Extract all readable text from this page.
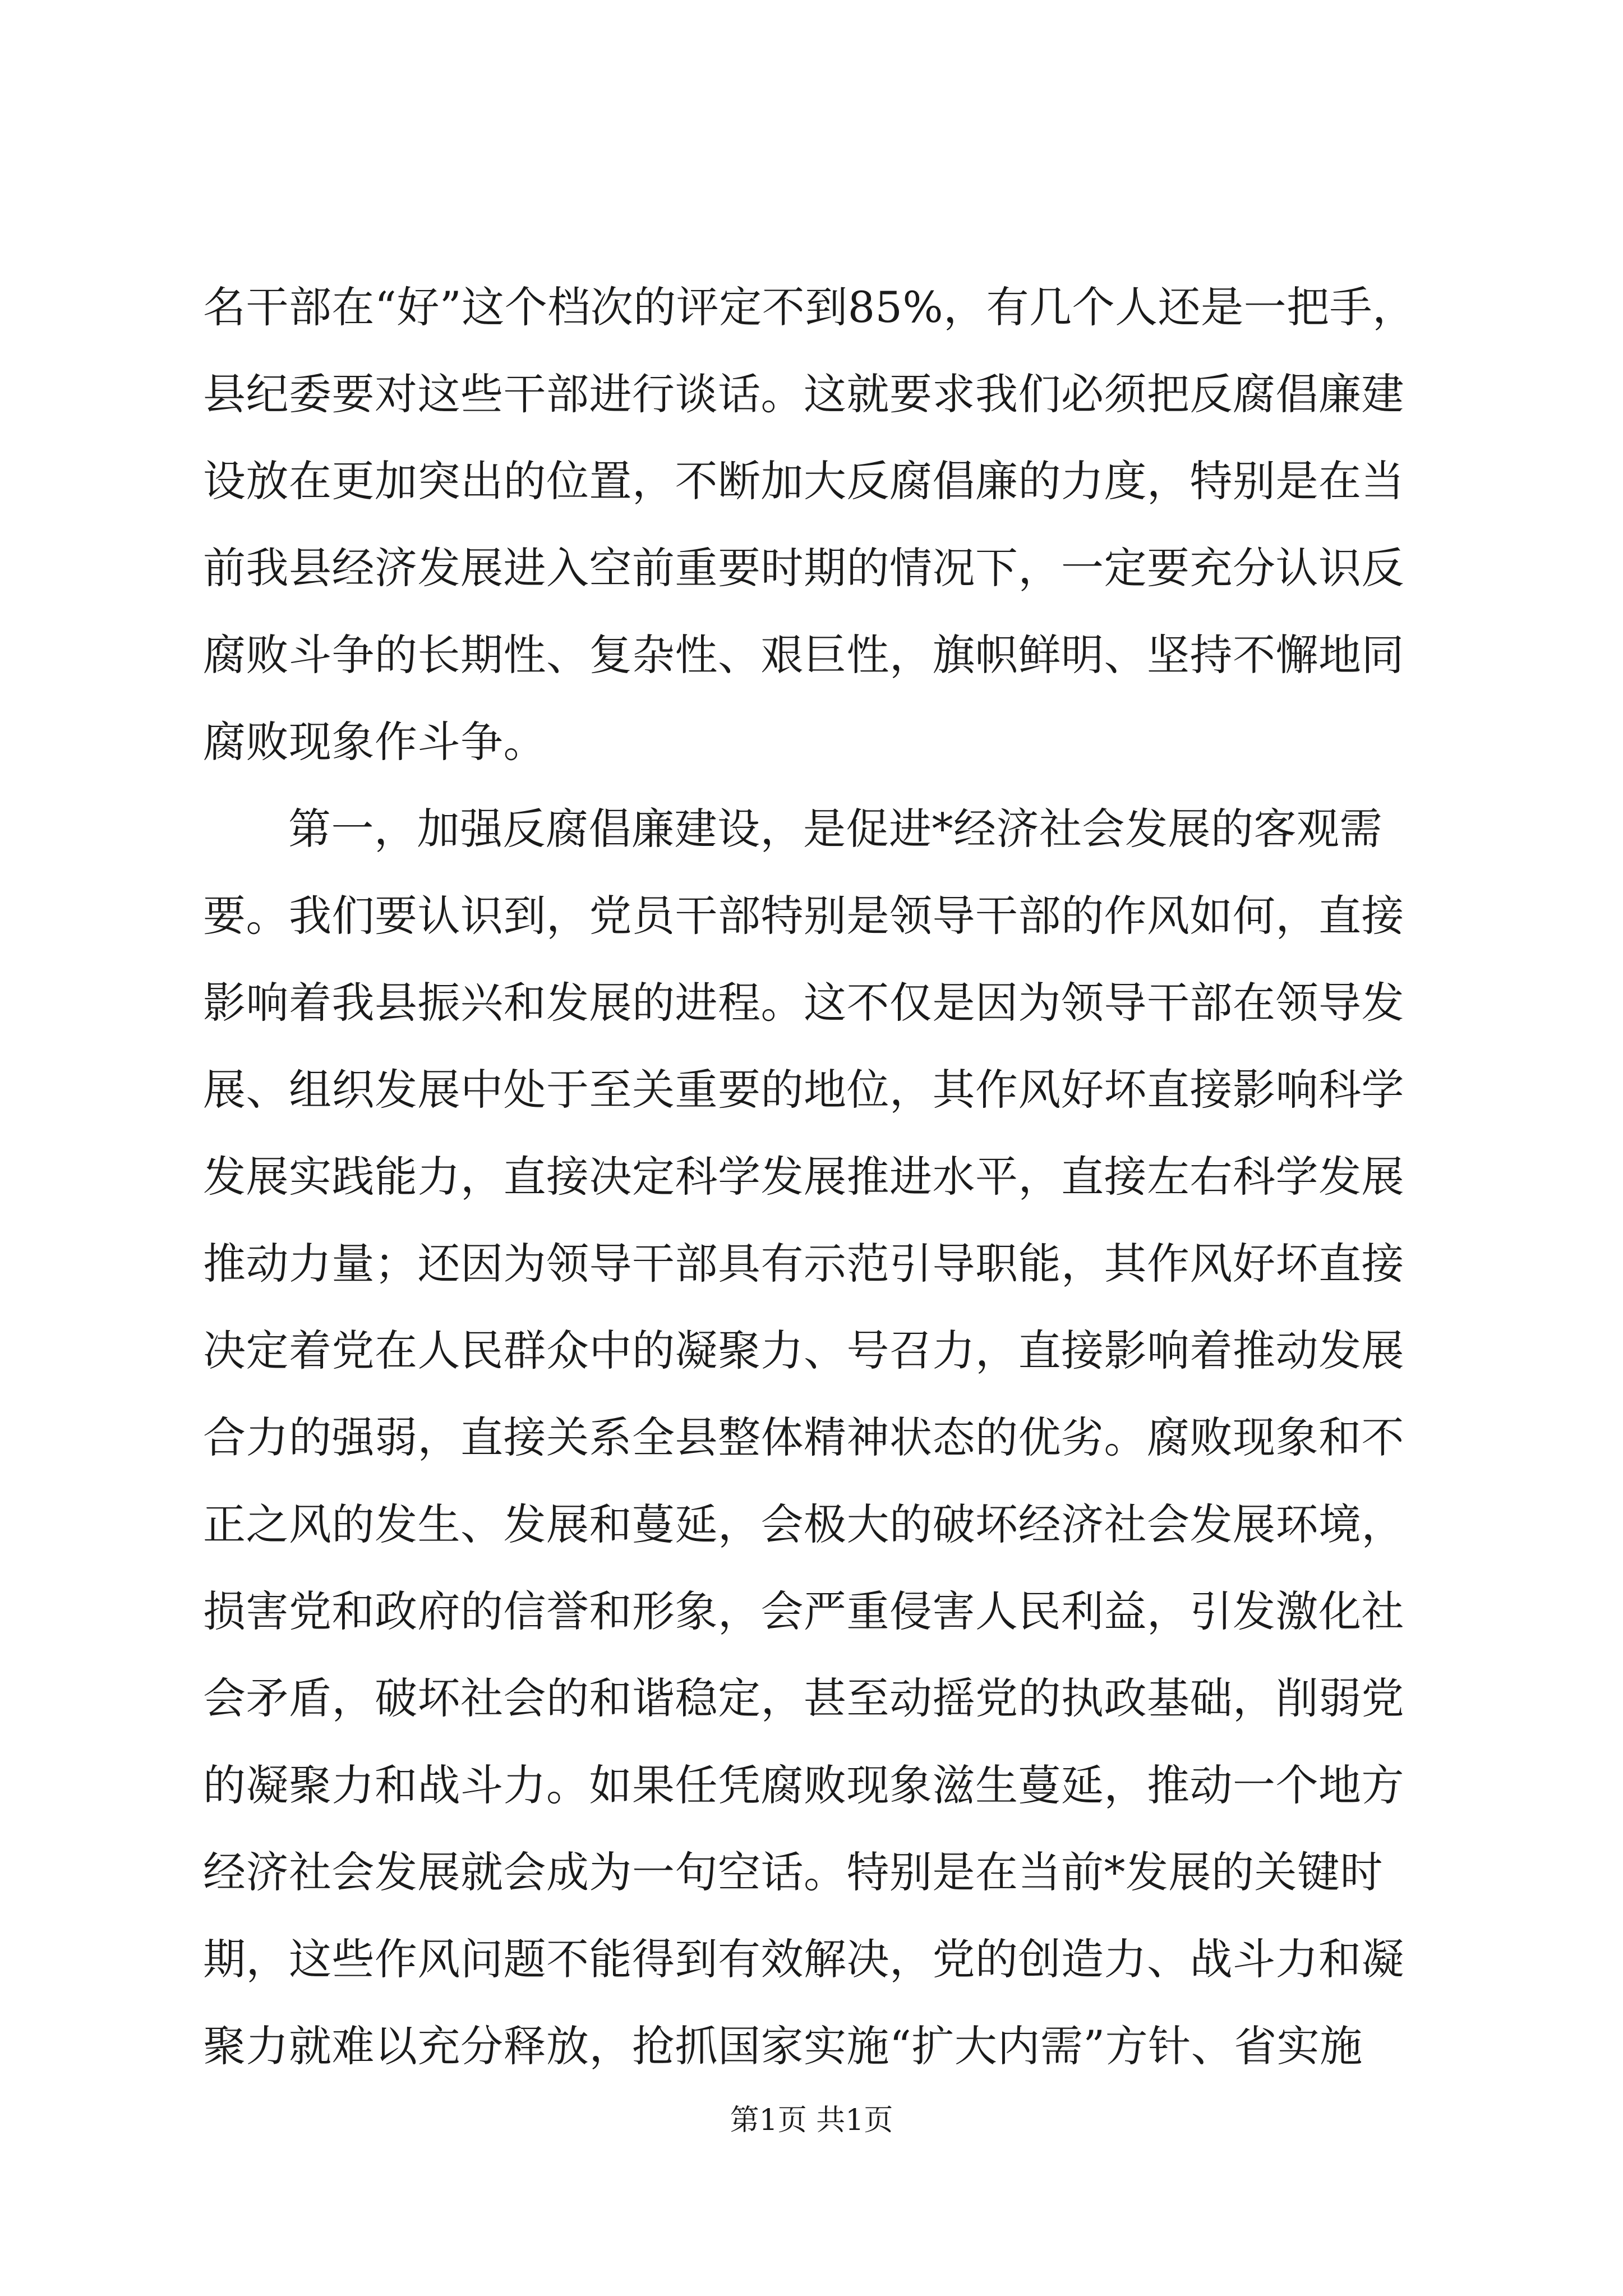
名干部在“好”这个档次的评定不到85%，有几个人还是一把手，
县纪委要对这些干部进行谈话。这就要求我们必须把反腐倡廉建
设放在更加突出的位置，不断加大反腐倡廉的力度，特别是在当
前我县经济发展进入空前重要时期的情况下，一定要充分认识反
腐败斗争的长期性、复杂性、艰巨性，旗帜鲜明、坚持不懈地同
腐败现象作斗争。
第一，加强反腐倡廉建设，是促进*经济社会发展的客观需
要。我们要认识到，党员干部特别是领导干部的作风如何，直接
影响着我县振兴和发展的进程。这不仅是因为领导干部在领导发
展、组织发展中处于至关重要的地位，其作风好坏直接影响科学
发展实践能力，直接决定科学发展推进水平，直接左右科学发展
推动力量；还因为领导干部具有示范引导职能，其作风好坏直接
决定着党在人民群众中的凝聚力、号召力，直接影响着推动发展
合力的强弱，直接关系全县整体精神状态的优劣。腐败现象和不
正之风的发生、发展和蔓延，会极大的破坏经济社会发展环境，
损害党和政府的信誉和形象，会严重侵害人民利益，引发激化社
会矛盾，破坏社会的和谐稳定，甚至动摇党的执政基础，削弱党
的凝聚力和战斗力。如果任凭腐败现象滋生蔓延，推动一个地方
经济社会发展就会成为一句空话。特别是在当前*发展的关键时
期，这些作风问题不能得到有效解决，党的创造力、战斗力和凝
聚力就难以充分释放，抢抓国家实施“扩大内需”方针、省实施
第1页 共1页
